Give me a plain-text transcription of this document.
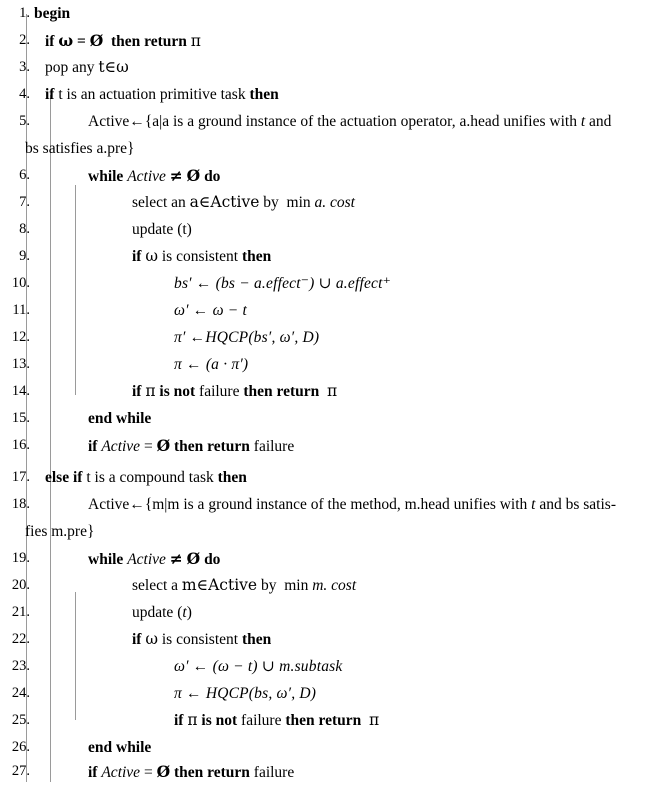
1. begin
2. if ω = Ø then return π
3. pop any t∈ω
4. if t is an actuation primitive task then
5.	Active←{a|a is a ground instance of the actuation operator, a.head unifies with t and
bs satisfies a.pre}
6.	while Active ≠ Ø do
7.	select an a∈Active by min a. cost
8.	update (t)
9.	if ω is consistent then
10.	bs′ ← (bs − a.effect⁻) ∪ a.effect⁺
11.	ω′ ← ω − t
12.	π′ ←HQCP(bs′, ω′, D)
13.	π ← (a · π′)
14.	if π is not failure then return π
15.	end while
16.	if Active = Ø then return failure
17. else if t is a compound task then
18.	Active←{m|m is a ground instance of the method, m.head unifies with t and bs satis-
fies m.pre}
19.	while Active ≠ Ø do
20.	select a m∈Active by min m. cost
21.	update (t)
22.	if ω is consistent then
23.	ω′ ← (ω − t) ∪ m.subtask
24.	π ← HQCP(bs, ω′, D)
25.	if π is not failure then return π
26.	end while
27.	if Active = Ø then return failure
